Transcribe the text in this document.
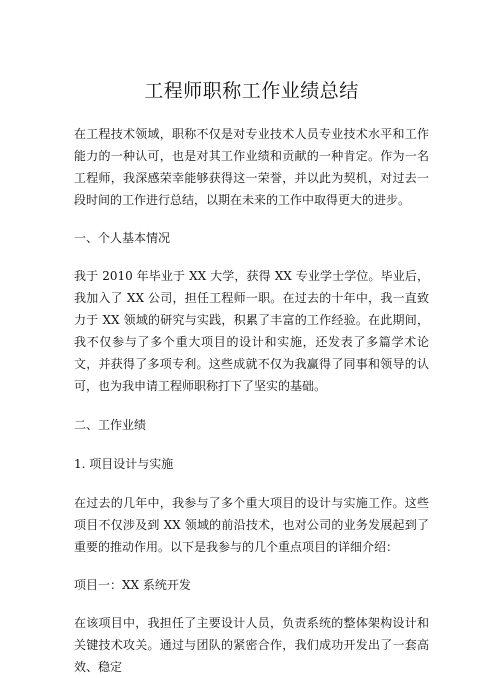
工程师职称工作业绩总结

在工程技术领域，职称不仅是对专业技术人员专业技术水平和工作能力的一种认可，也是对其工作业绩和贡献的一种肯定。作为一名工程师，我深感荣幸能够获得这一荣誉，并以此为契机，对过去一段时间的工作进行总结，以期在未来的工作中取得更大的进步。

一、个人基本情况

我于 2010 年毕业于 XX 大学，获得 XX 专业学士学位。毕业后，我加入了 XX 公司，担任工程师一职。在过去的十年中，我一直致力于 XX 领域的研究与实践，积累了丰富的工作经验。在此期间，我不仅参与了多个重大项目的设计和实施，还发表了多篇学术论文，并获得了多项专利。这些成就不仅为我赢得了同事和领导的认可，也为我申请工程师职称打下了坚实的基础。

二、工作业绩

1. 项目设计与实施

在过去的几年中，我参与了多个重大项目的设计与实施工作。这些项目不仅涉及到 XX 领域的前沿技术，也对公司的业务发展起到了重要的推动作用。以下是我参与的几个重点项目的详细介绍：

项目一：XX 系统开发

在该项目中，我担任了主要设计人员，负责系统的整体架构设计和关键技术攻关。通过与团队的紧密合作，我们成功开发出了一套高效、稳定
